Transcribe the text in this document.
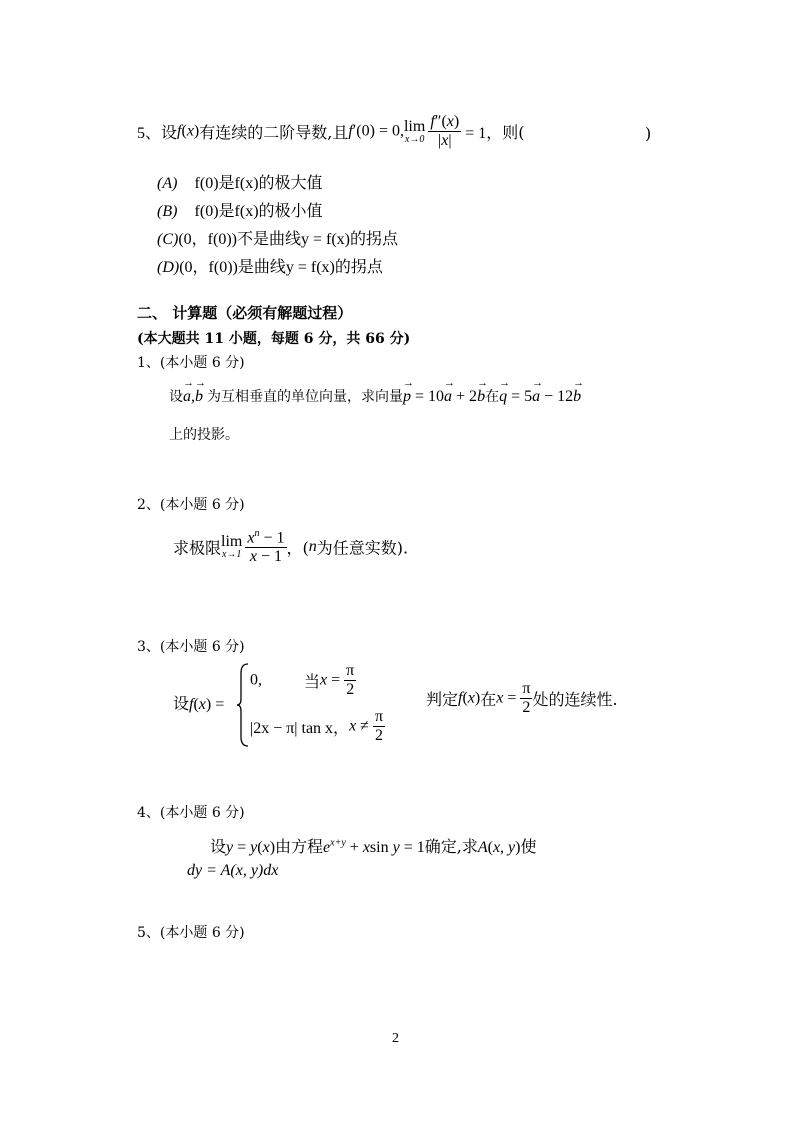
5、设f(x)有连续的二阶导数,且f′(0) = 0,lim
$x\to 0 \frac{f''(x)}{|x|} = 1$，则(	)
(A) f(0)是f(x)的极大值
(B) f(0)是f(x)的极小值
(C)(0，f(0))不是曲线y = f(x)的拐点
(D)(0，f(0))是曲线y = f(x)的拐点
二、 计算题（必须有解题过程）
(本大题共 11 小题，每题 6 分，共 66 分)
1、(本小题 6 分)
设→ a,→ b 为互相垂直的单位向量，求向量→ p = 10→ a + 2→ b在→ q = 5→ a − 12→ b
上的投影。
2、(本小题 6 分)
求极限lim
$x\to 1 \frac{x^n - 1}{x - 1}$ ，(n为任意实数).
3、(本小题 6 分)
设f(x) =
0,	当$x = \frac{\pi}{2}$
|2x − π| tan x，$x \ne \frac{\pi}{2}$
判定f(x)在$x = \frac{\pi}{2}$ 处的连续性.
4、(本小题 6 分)
设y = y(x)由方程$e^{x+y} + xsin$ y = 1确定,求A(x, y)使
dy = A(x, y)dx
5、(本小题 6 分)
2
